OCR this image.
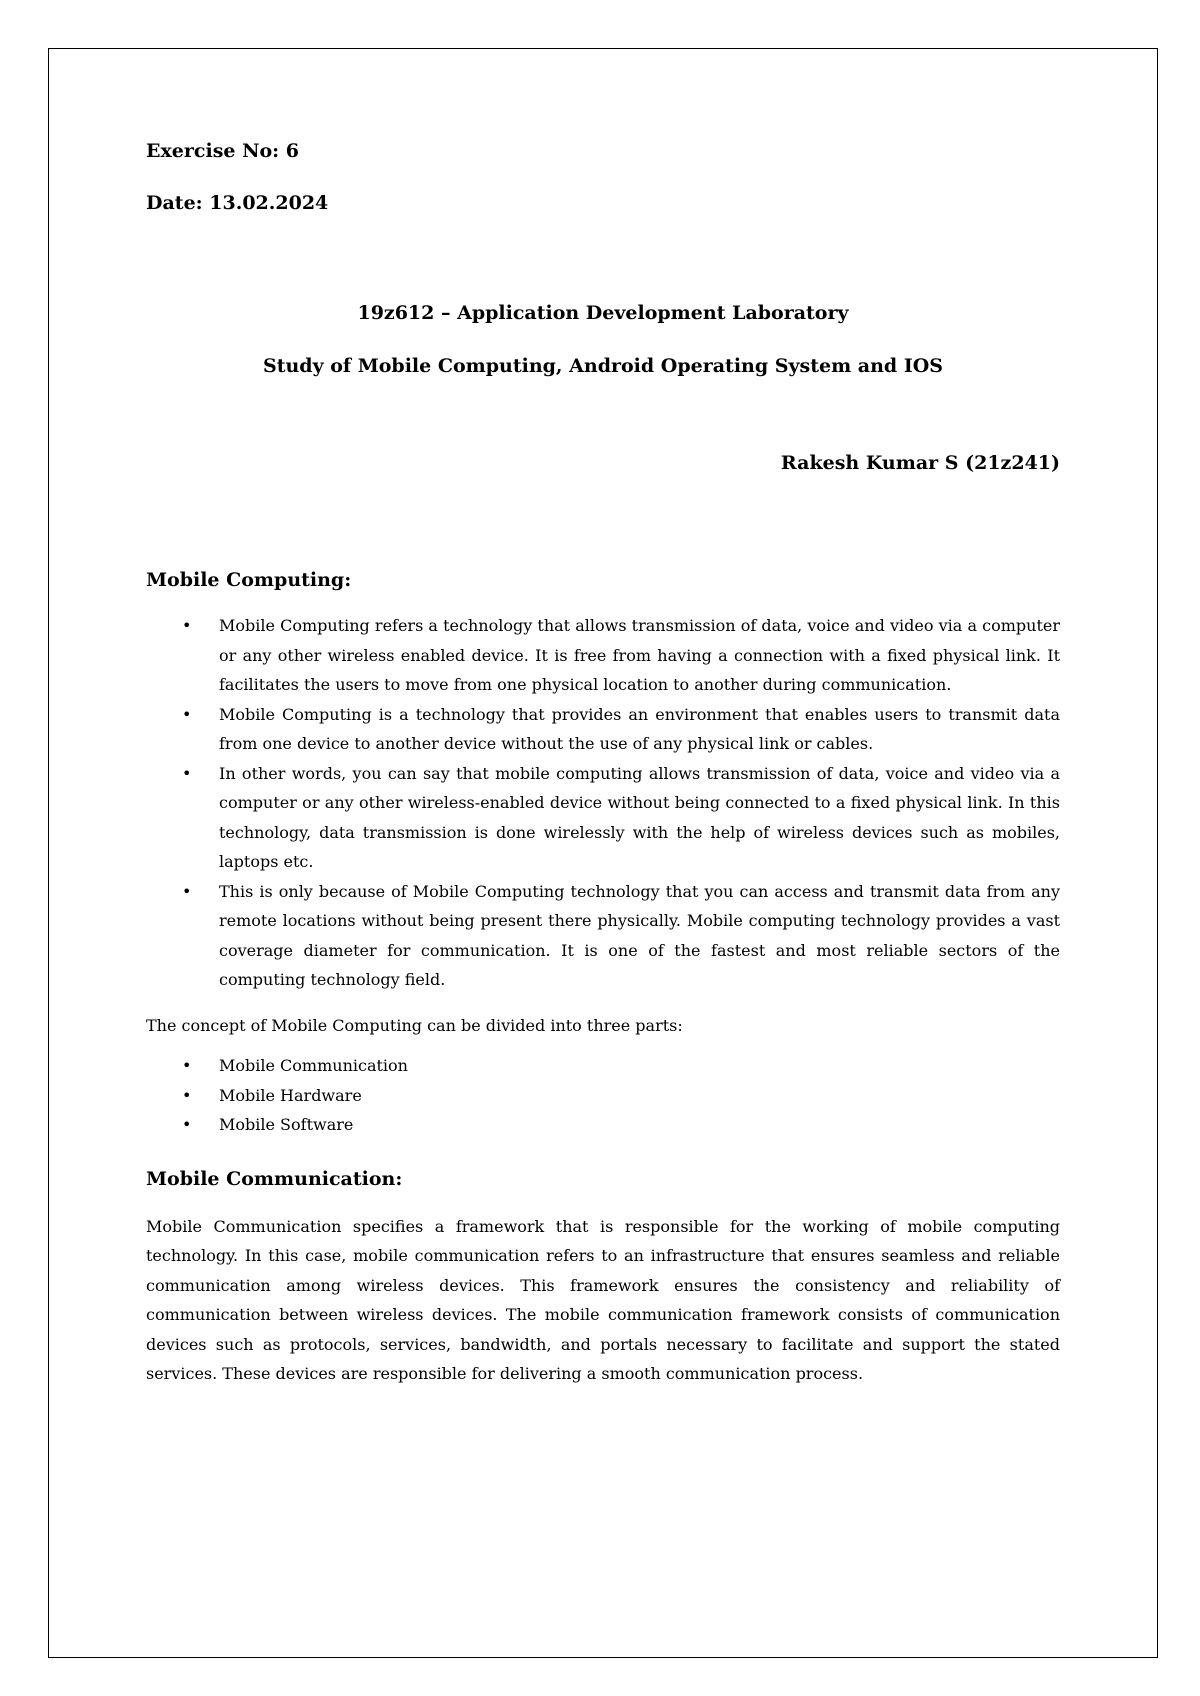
Exercise No: 6

Date: 13.02.2024

19z612 – Application Development Laboratory

Study of Mobile Computing, Android Operating System and IOS

Rakesh Kumar S (21z241)

Mobile Computing:

• Mobile Computing refers a technology that allows transmission of data, voice and video via a computer or any other wireless enabled device. It is free from having a connection with a fixed physical link. It facilitates the users to move from one physical location to another during communication.
• Mobile Computing is a technology that provides an environment that enables users to transmit data from one device to another device without the use of any physical link or cables.
• In other words, you can say that mobile computing allows transmission of data, voice and video via a computer or any other wireless-enabled device without being connected to a fixed physical link. In this technology, data transmission is done wirelessly with the help of wireless devices such as mobiles, laptops etc.
• This is only because of Mobile Computing technology that you can access and transmit data from any remote locations without being present there physically. Mobile computing technology provides a vast coverage diameter for communication. It is one of the fastest and most reliable sectors of the computing technology field.

The concept of Mobile Computing can be divided into three parts:

• Mobile Communication
• Mobile Hardware
• Mobile Software

Mobile Communication:

Mobile Communication specifies a framework that is responsible for the working of mobile computing technology. In this case, mobile communication refers to an infrastructure that ensures seamless and reliable communication among wireless devices. This framework ensures the consistency and reliability of communication between wireless devices. The mobile communication framework consists of communication devices such as protocols, services, bandwidth, and portals necessary to facilitate and support the stated services. These devices are responsible for delivering a smooth communication process.
